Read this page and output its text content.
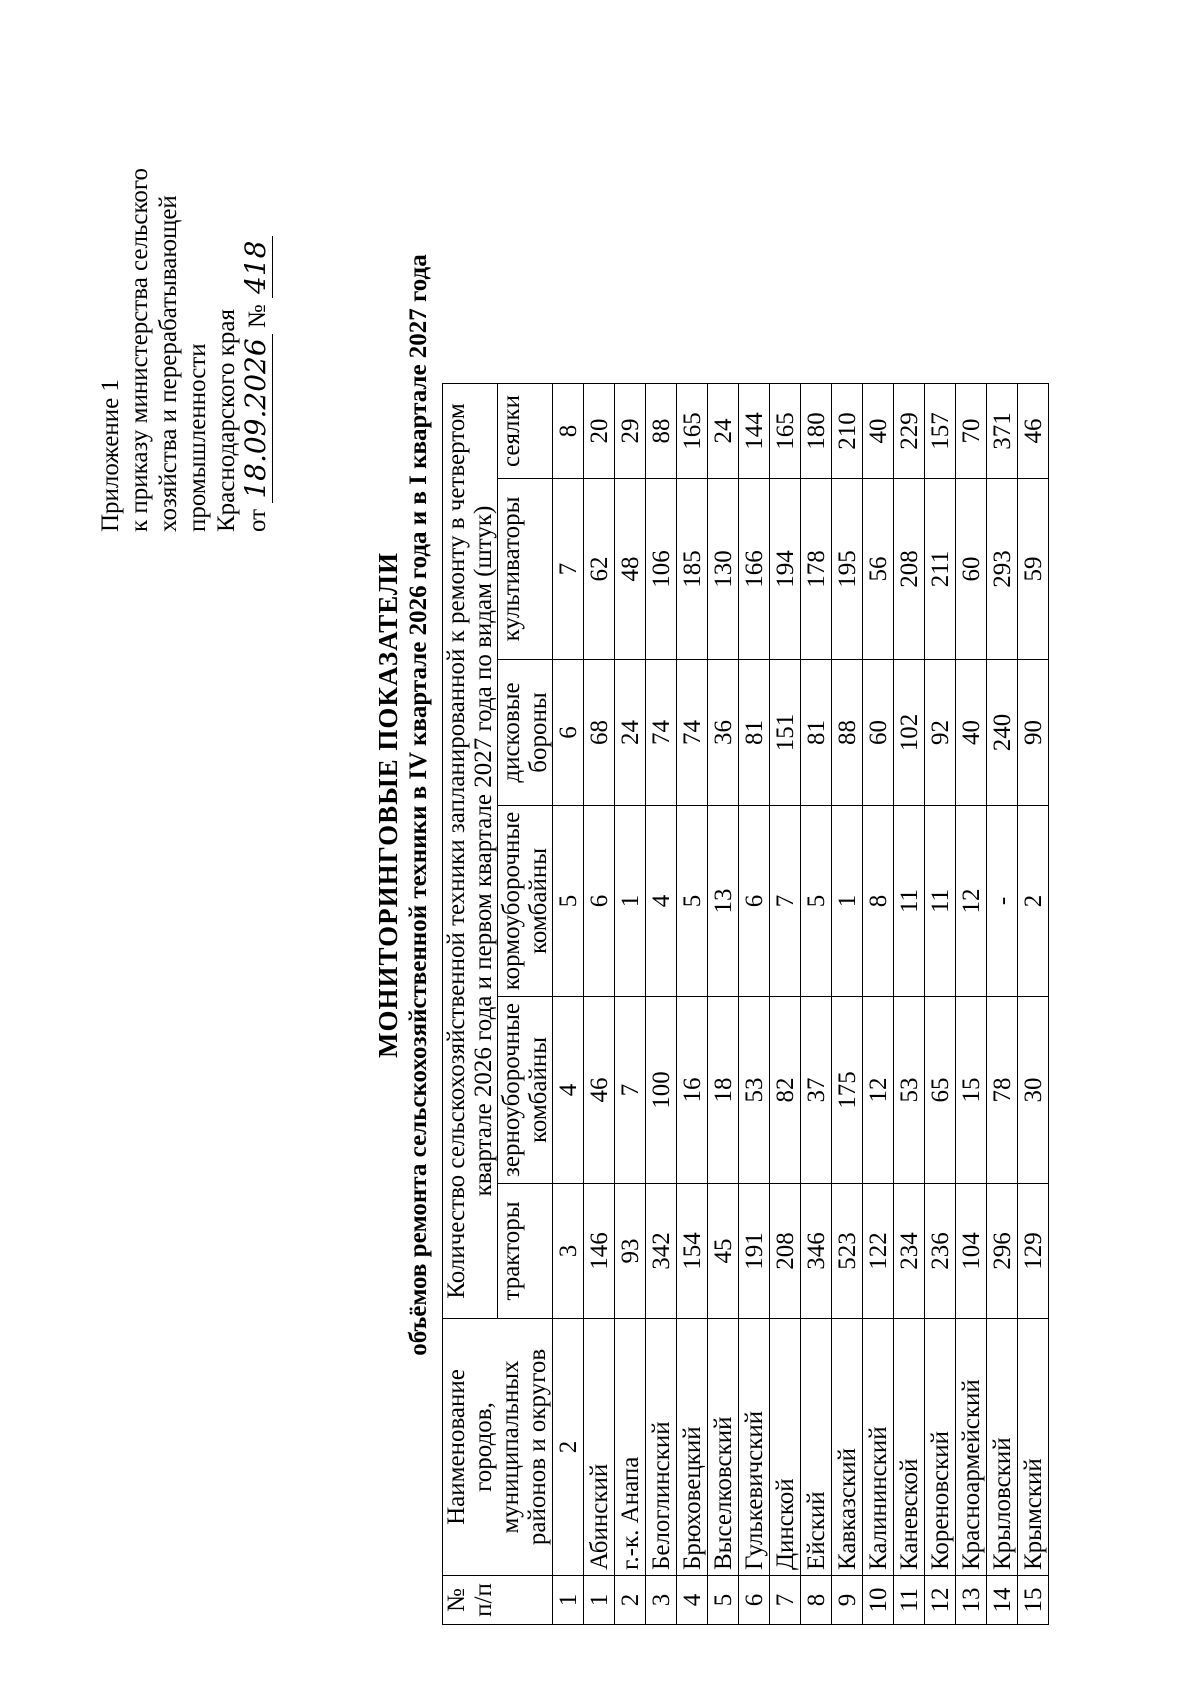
Приложение 1 к приказу министерства сельского хозяйства и перерабатывающей промышленности Краснодарского края от 18.09.2026 № 418
МОНИТОРИНГОВЫЕ ПОКАЗАТЕЛИ объёмов ремонта сельскохозяйственной техники в IV квартале 2026 года и в I квартале 2027 года
№ п/п	Наименование городов, муниципальных районов и округов	Количество сельскохозяйственной техники запланированной к ремонту в четвертом квартале 2026 года и первом квартале 2027 года по видам (штук)					
		тракторы	зерноуборочные комбайны	кормоуборочные комбайны	дисковые бороны	культиваторы	сеялки
1	2	3	4	5	6	7	8
1	Абинский	146	46	6	68	62	20
2	г.-к. Анапа	93	7	1	24	48	29
3	Белоглинский	342	100	4	74	106	88
4	Брюховецкий	154	16	5	74	185	165
5	Выселковский	45	18	13	36	130	24
6	Гулькевичский	191	53	6	81	166	144
7	Динской	208	82	7	151	194	165
8	Ейский	346	37	5	81	178	180
9	Кавказский	523	175	1	88	195	210
10	Калининский	122	12	8	60	56	40
11	Каневской	234	53	11	102	208	229
12	Кореновский	236	65	11	92	211	157
13	Красноармейский	104	15	12	40	60	70
14	Крыловский	296	78	-	240	293	371
15	Крымский	129	30	2	90	59	46
